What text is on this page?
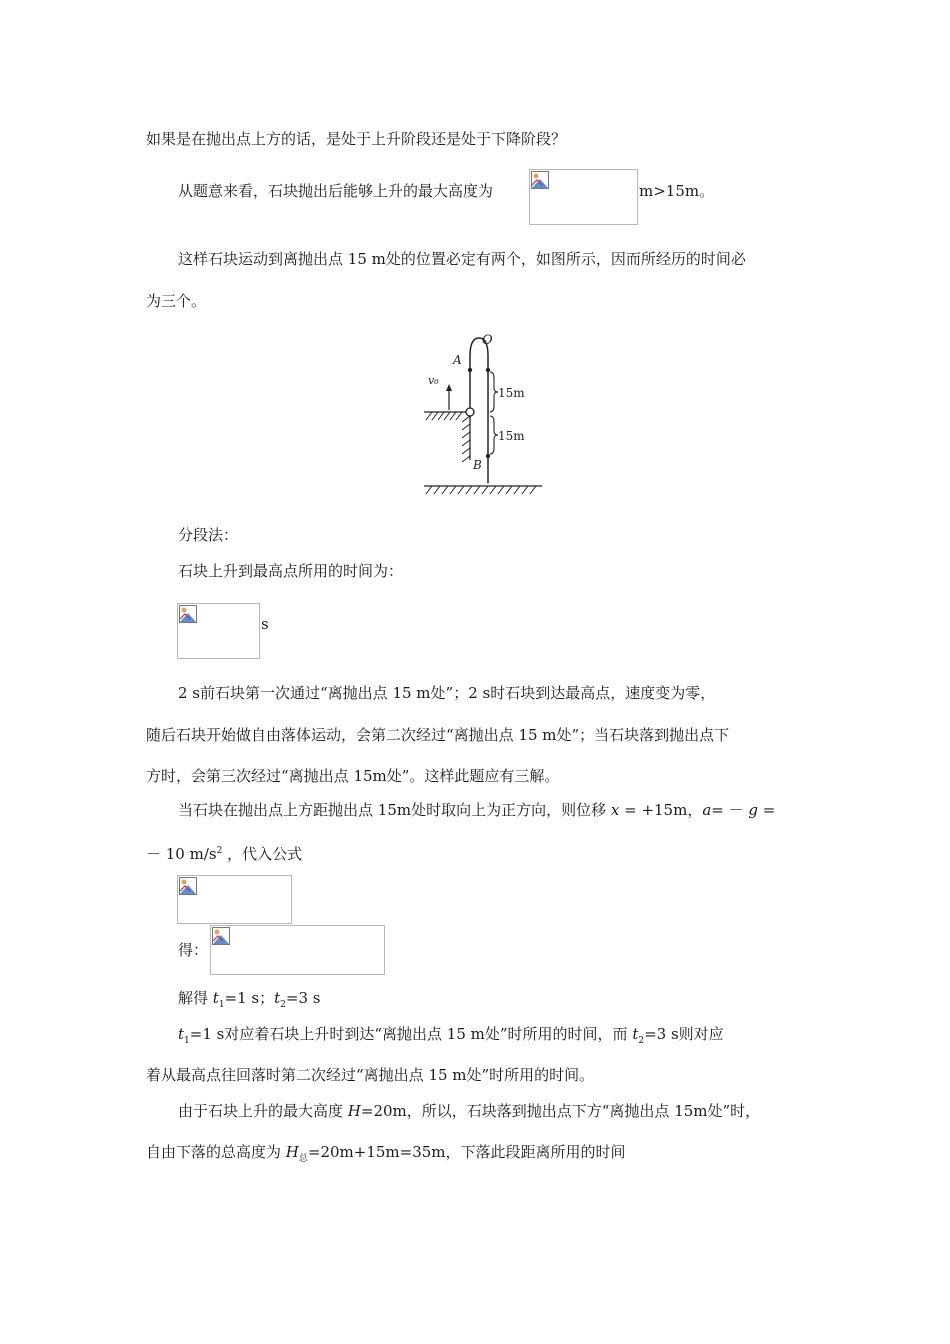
如果是在抛出点上方的话，是处于上升阶段还是处于下降阶段？
从题意来看，石块抛出后能够上升的最大高度为	m>15m。
这样石块运动到离抛出点 15 m处的位置必定有两个，如图所示，因而所经历的时间必
为三个。
v₀
O
A
B
15m
15m
分段法：
石块上升到最高点所用的时间为：
s
2 s前石块第一次通过“离抛出点 15 m处”；2 s时石块到达最高点，速度变为零，
随后石块开始做自由落体运动，会第二次经过“离抛出点 15 m处”；当石块落到抛出点下
方时，会第三次经过“离抛出点 15m处”。这样此题应有三解。
当石块在抛出点上方距抛出点 15m处时取向上为正方向，则位移 x = +15m，a= － g =
－ 10 $m/s^2$ ，代入公式
得：
解得 $t_1=1$ s；$t_2=3$ s
$t_1=1$ s对应着石块上升时到达“离抛出点 15 m处”时所用的时间，而 $t_2=3$ s则对应
着从最高点往回落时第二次经过“离抛出点 15 m处”时所用的时间。
由于石块上升的最大高度 H=20m，所以，石块落到抛出点下方“离抛出点 15m处”时，
自由下落的总高度为 $H_总=20m+15m=35m$，下落此段距离所用的时间
